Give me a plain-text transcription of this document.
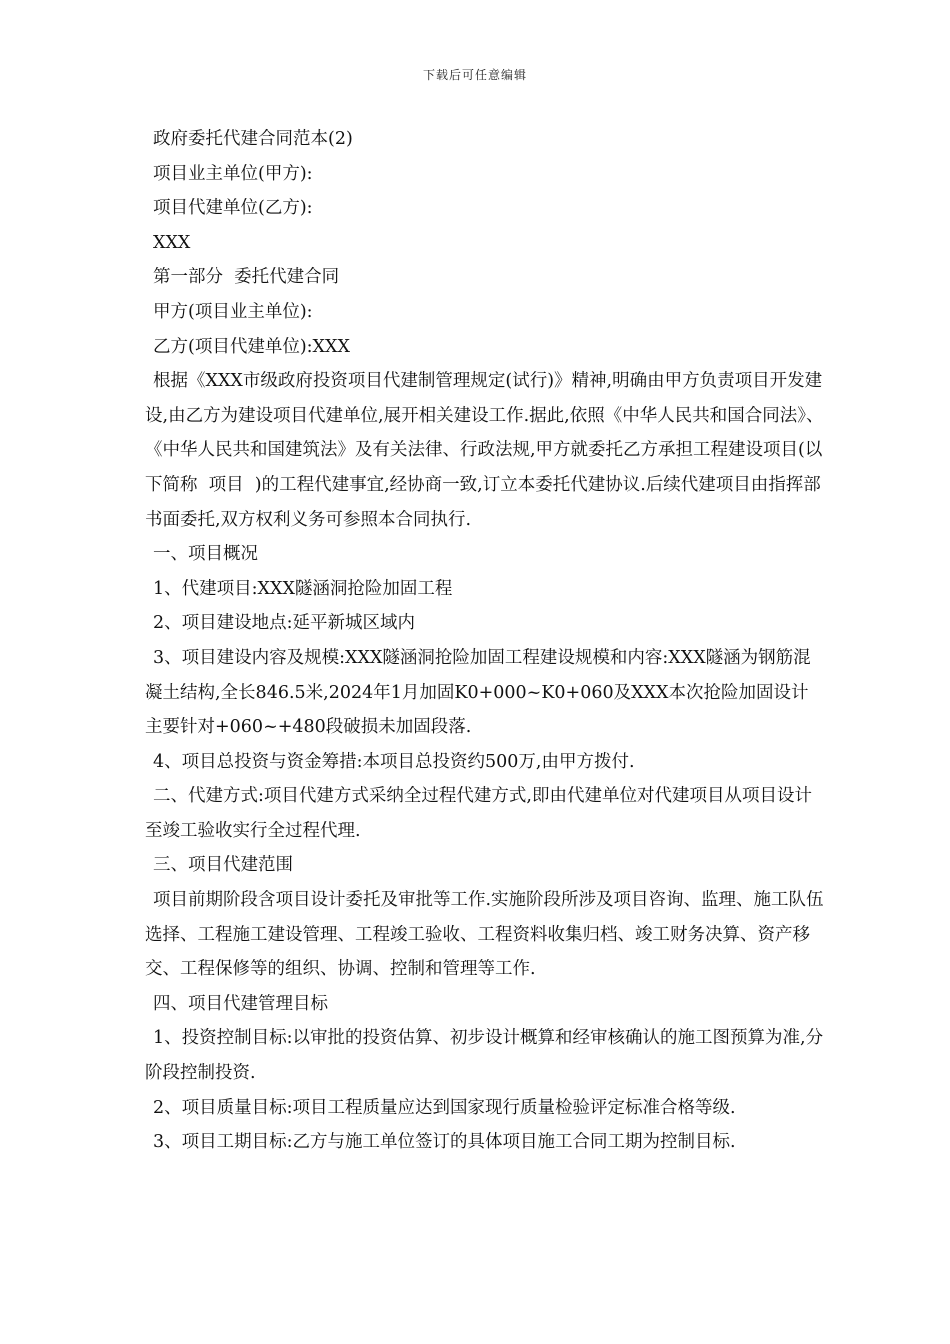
下载后可任意编辑

政府委托代建合同范本(2)

项目业主单位(甲方):

项目代建单位(乙方):

XXX

第一部分  委托代建合同

甲方(项目业主单位):

乙方(项目代建单位):XXX

根据《XXX市级政府投资项目代建制管理规定(试行)》精神,明确由甲方负责项目开发建设,由乙方为建设项目代建单位,展开相关建设工作.据此,依照《中华人民共和国合同法》、《中华人民共和国建筑法》及有关法律、行政法规,甲方就委托乙方承担工程建设项目(以下简称  项目  )的工程代建事宜,经协商一致,订立本委托代建协议.后续代建项目由指挥部书面委托,双方权利义务可参照本合同执行.

一、项目概况

1、代建项目:XXX隧涵洞抢险加固工程

2、项目建设地点:延平新城区域内

3、项目建设内容及规模:XXX隧涵洞抢险加固工程建设规模和内容:XXX隧涵为钢筋混凝土结构,全长846.5米,2024年1月加固K0+000~K0+060及XXX本次抢险加固设计主要针对+060~+480段破损未加固段落.

4、项目总投资与资金筹措:本项目总投资约500万,由甲方拨付.

二、代建方式:项目代建方式采纳全过程代建方式,即由代建单位对代建项目从项目设计至竣工验收实行全过程代理.

三、项目代建范围

项目前期阶段含项目设计委托及审批等工作.实施阶段所涉及项目咨询、监理、施工队伍选择、工程施工建设管理、工程竣工验收、工程资料收集归档、竣工财务决算、资产移交、工程保修等的组织、协调、控制和管理等工作.

四、项目代建管理目标

1、投资控制目标:以审批的投资估算、初步设计概算和经审核确认的施工图预算为准,分阶段控制投资.

2、项目质量目标:项目工程质量应达到国家现行质量检验评定标准合格等级.

3、项目工期目标:乙方与施工单位签订的具体项目施工合同工期为控制目标.
